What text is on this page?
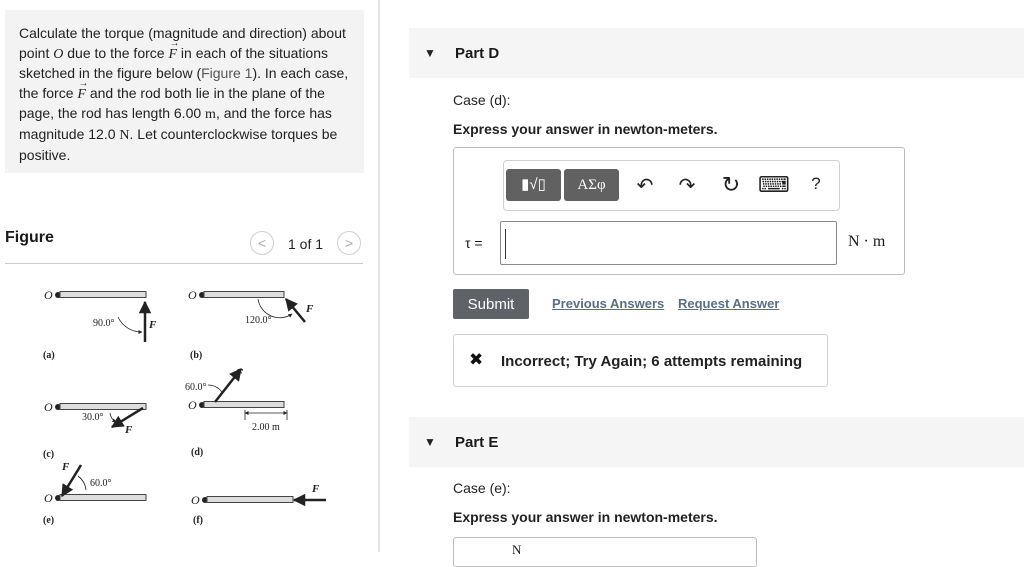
Calculate the torque (magnitude and direction) about point O due to the force → F in each of the situations sketched in the figure below (Figure 1). In each case, the force → F and the rod both lie in the plane of the page, the rod has length 6.00 m, and the force has magnitude 12.0 N. Let counterclockwise torques be positive.
Figure	<	1 of 1	>
O
90.0°	F
(a)
O
120.0°
F
(b)
O
30.0°
F
(c)
O
60.0°
F
2.00 m
(d)
O
60.0°
F
(e)
O
F
(f)
▼ Part D
Case (d):
Express your answer in newton-meters.
▮√▯	ΑΣφ	↶	↷	↻ ⌨	?
τ =	N · m
Submit	Previous Answers Request Answer
✖ Incorrect; Try Again; 6 attempts remaining
▼ Part E
Case (e):
Express your answer in newton-meters.
N
